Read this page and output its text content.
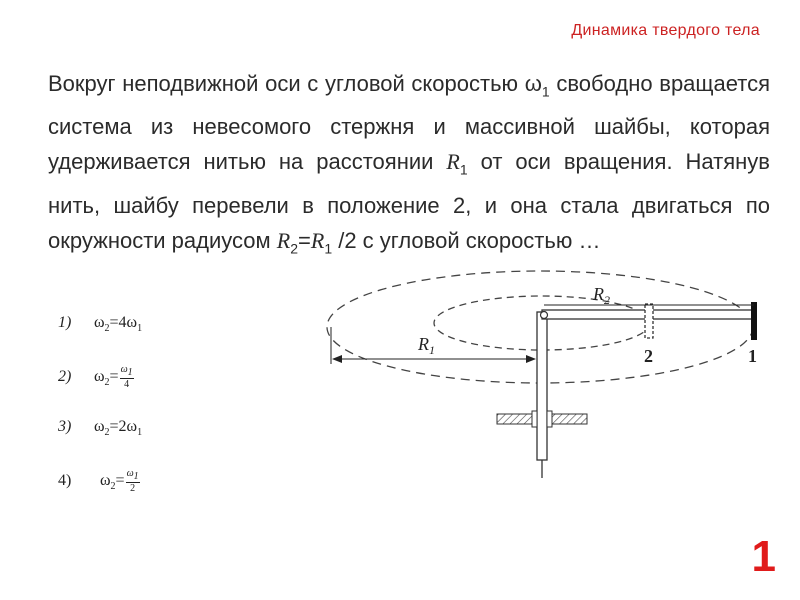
Динамика твердого тела
Вокруг неподвижной оси с угловой скоростью $\omega_1$ свободно вращается система из невесомого стержня и массивной шайбы, которая удерживается нитью на расстоянии $R_1$ от оси вращения. Натянув нить, шайбу перевели в положение 2, и она стала двигаться по окружности радиусом $R_2=R_1$ /2 с угловой скоростью …
1) $\omega_2=4\omega_1$
2) $\omega_2= \frac{\omega_1}{4}$
3) $\omega_2=2\omega_1$
4) $\omega_2= \frac{\omega_1}{2}$
$R_1$
$R_2$
2	1
1
